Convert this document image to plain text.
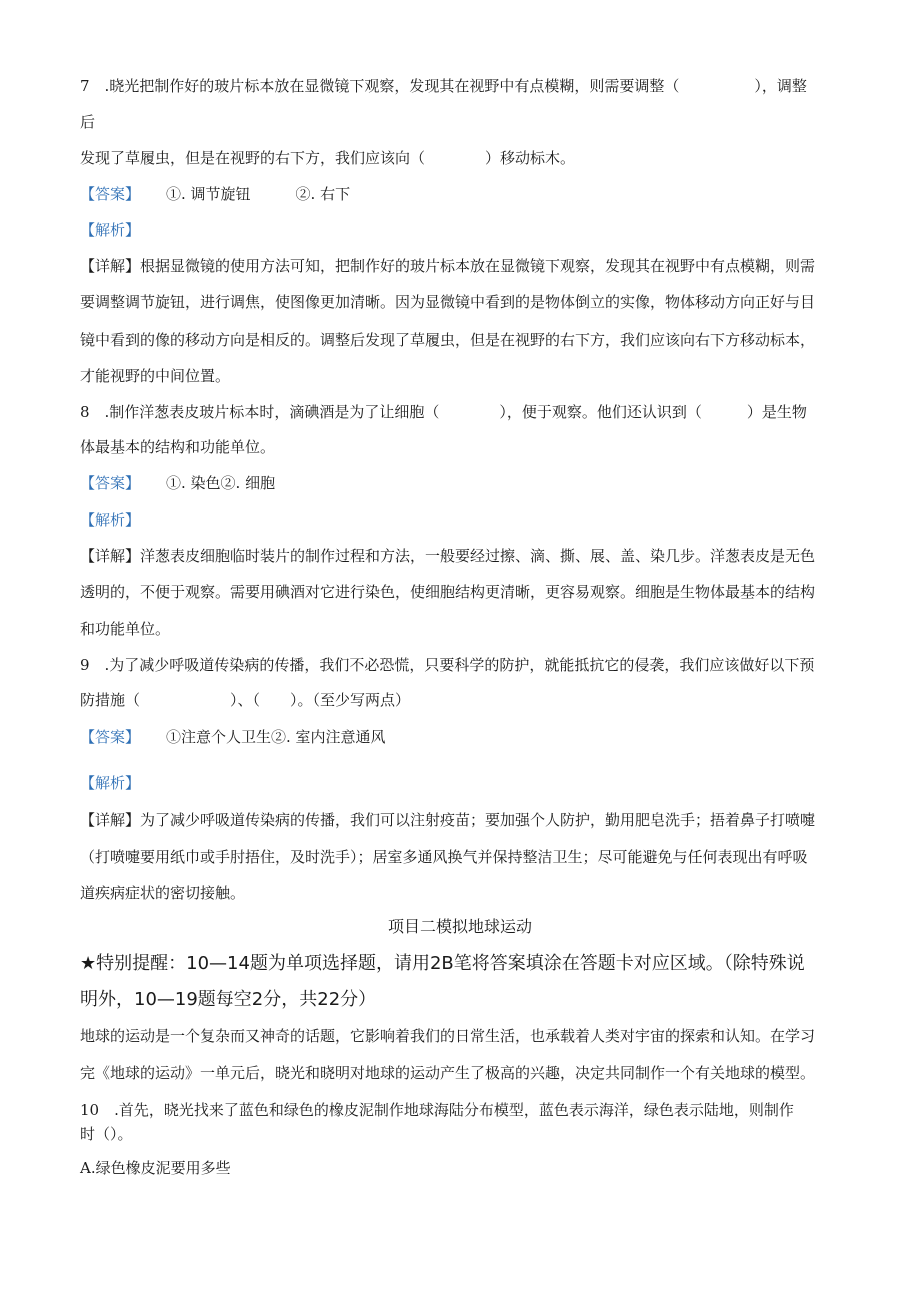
7　.晓光把制作好的玻片标本放在显微镜下观察，发现其在视野中有点模糊，则需要调整（　　　　　），调整
后
发现了草履虫，但是在视野的右下方，我们应该向（　　　　）移动标木。
【答案】 ①. 调节旋钮　　　②. 右下
【解析】
【详解】根据显微镜的使用方法可知，把制作好的玻片标本放在显微镜下观察，发现其在视野中有点模糊，则需
要调整调节旋钮，进行调焦，使图像更加清晰。因为显微镜中看到的是物体倒立的实像，物体移动方向正好与目
镜中看到的像的移动方向是相反的。调整后发现了草履虫，但是在视野的右下方，我们应该向右下方移动标本，
才能视野的中间位置。
8　.制作洋葱表皮玻片标本时，滴碘酒是为了让细胞（　　　　），便于观察。他们还认识到（　　　）是生物
体最基本的结构和功能单位。
【答案】 ①. 染色②. 细胞
【解析】
【详解】洋葱表皮细胞临时装片的制作过程和方法，一般要经过擦、滴、撕、展、盖、染几步。洋葱表皮是无色
透明的，不便于观察。需要用碘酒对它进行染色，使细胞结构更清晰，更容易观察。细胞是生物体最基本的结构
和功能单位。
9　.为了减少呼吸道传染病的传播，我们不必恐慌，只要科学的防护，就能抵抗它的侵袭，我们应该做好以下预
防措施（　　　　　　）、（　　）。（至少写两点）
【答案】 ①注意个人卫生②. 室内注意通风
【解析】
【详解】为了减少呼吸道传染病的传播，我们可以注射疫苗；要加强个人防护，勤用肥皂洗手；捂着鼻子打喷嚏
（打喷嚏要用纸巾或手肘捂住，及时洗手）；居室多通风换气并保持整洁卫生；尽可能避免与任何表现出有呼吸
道疾病症状的密切接触。
项目二模拟地球运动
★特别提醒：10—14题为单项选择题，请用2B笔将答案填涂在答题卡对应区域。（除特殊说
明外，10—19题每空2分，共22分）
地球的运动是一个复杂而又神奇的话题，它影响着我们的日常生活，也承载着人类对宇宙的探索和认知。在学习
完《地球的运动》一单元后，晓光和晓明对地球的运动产生了极高的兴趣，决定共同制作一个有关地球的模型。
10　.首先，晓光找来了蓝色和绿色的橡皮泥制作地球海陆分布模型，蓝色表示海洋，绿色表示陆地，则制作
时（）。
A.绿色橡皮泥要用多些
